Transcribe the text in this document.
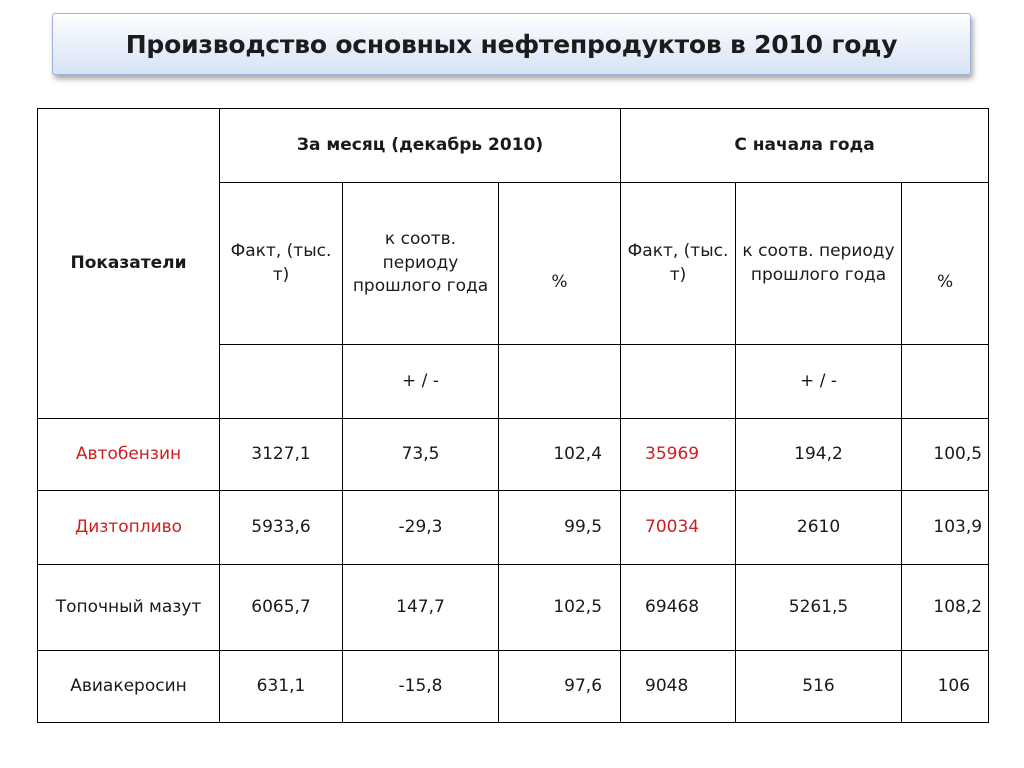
Производство основных нефтепродуктов в 2010 году
Показатели	За месяц (декабрь 2010)			С начала года		
	Факт, (тыс. т)	к соотв. периоду прошлого года	%	Факт, (тыс. т)	к соотв. периоду прошлого года	%
		+ / -			+ / -	
Автобензин	3127,1	73,5	102,4	35969	194,2	100,5
Дизтопливо	5933,6	-29,3	99,5	70034	2610	103,9
Топочный мазут	6065,7	147,7	102,5	69468	5261,5	108,2
Авиакеросин	631,1	-15,8	97,6	9048	516	106
